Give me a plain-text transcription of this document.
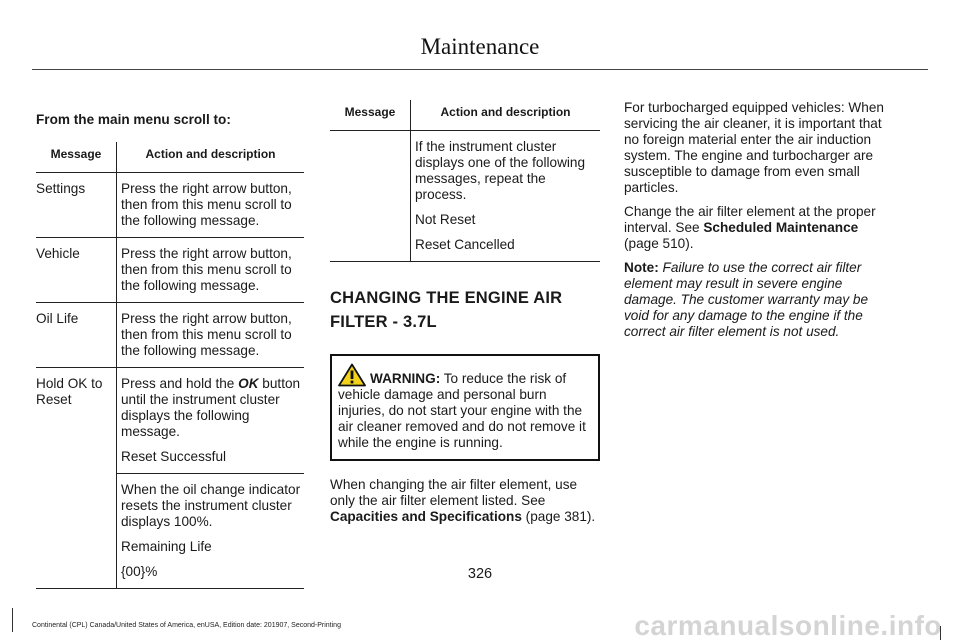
Maintenance
From the main menu scroll to:
Message	Action and description
Settings	Press the right arrow button, then from this menu scroll to the following message.

Vehicle	Press the right arrow button, then from this menu scroll to the following message.

Oil Life	Press the right arrow button, then from this menu scroll to the following message.

Hold OK to Reset	Press and hold the OK button until the instrument cluster displays the following message.

Reset Successful

	When the oil change indicator resets the instrument cluster displays 100%.

Remaining Life

{00}%

Message	Action and description

	If the instrument cluster displays one of the following messages, repeat the process.

Not Reset

Reset Cancelled

CHANGING THE ENGINE AIR
FILTER - 3.7L
WARNING: To reduce the risk of vehicle damage and personal burn injuries, do not start your engine with the air cleaner removed and do not remove it while the engine is running.

When changing the air filter element, use only the air filter element listed. See Capacities and Specifications (page 381).

For turbocharged equipped vehicles: When servicing the air cleaner, it is important that no foreign material enter the air induction system. The engine and turbocharger are susceptible to damage from even small particles.

Change the air filter element at the proper interval. See Scheduled Maintenance (page 510).

Note: Failure to use the correct air filter element may result in severe engine damage. The customer warranty may be void for any damage to the engine if the correct air filter element is not used.

326
Continental (CPL) Canada/United States of America, enUSA, Edition date: 201907, Second-Printing	carmanualsonline.info
